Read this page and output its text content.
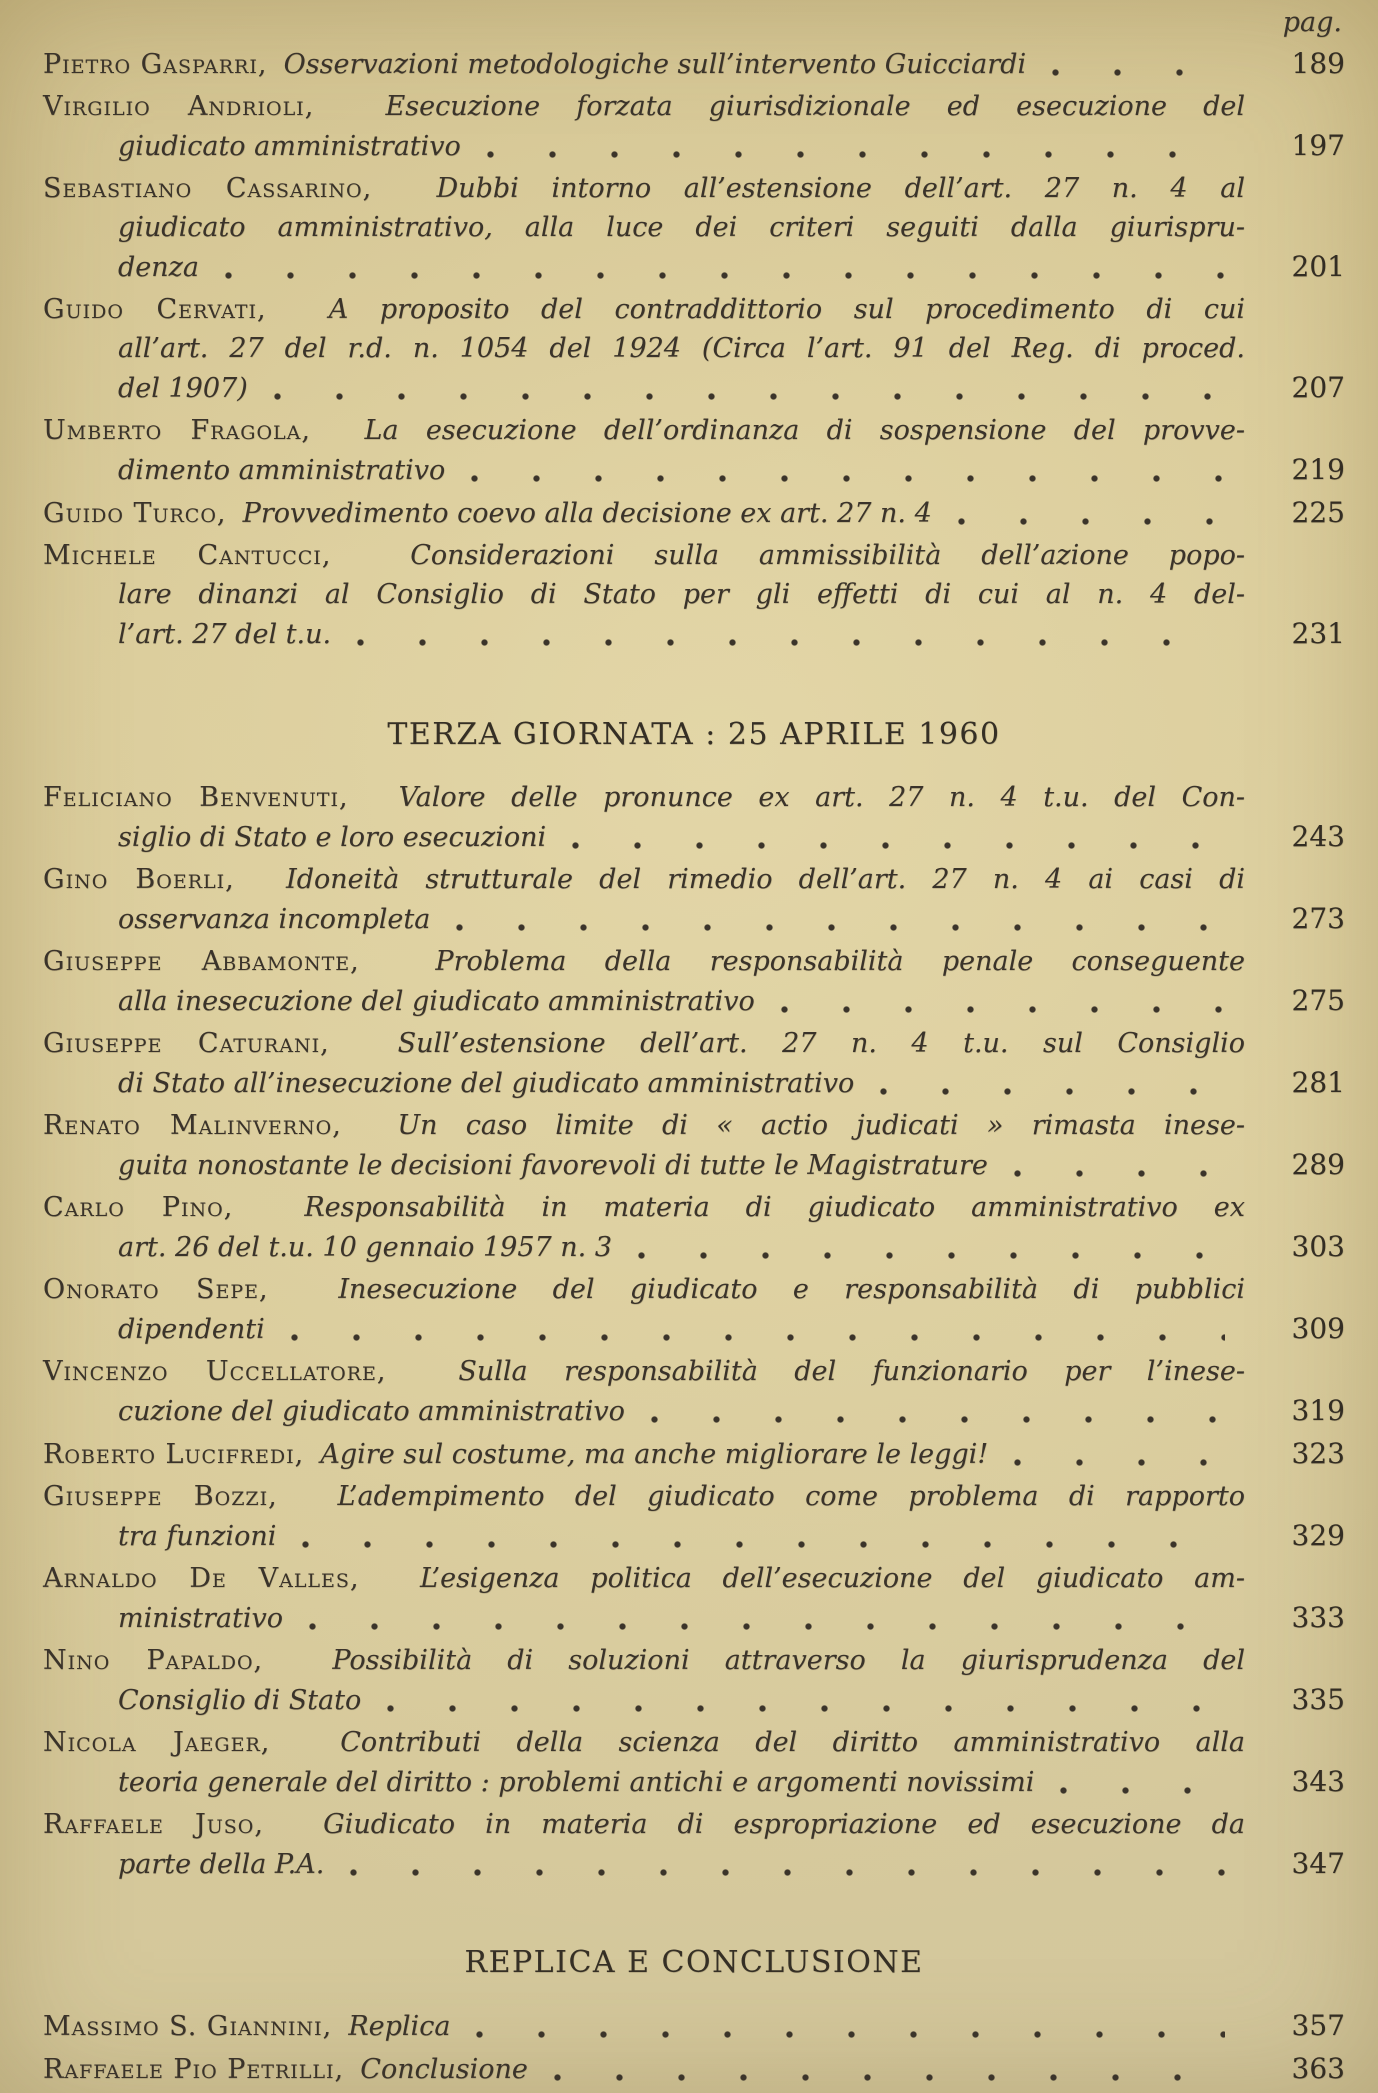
pag.
Pietro Gasparri , Osservazioni metodologiche sull’intervento Guicciardi	189
Virgilio Andrioli,  Esecuzione forzata giurisdizionale ed esecuzione del
giudicato amministrativo	197
Sebastiano Cassarino,  Dubbi intorno all’estensione dell’art. 27 n. 4 al
giudicato amministrativo, alla luce dei criteri seguiti dalla giurispru-
denza	201
Guido Cervati,  A proposito del contraddittorio sul procedimento di cui
all’art. 27 del r.d. n. 1054 del 1924 (Circa l’art. 91 del Reg. di proced.
del 1907)	207
Umberto Fragola,  La esecuzione dell’ordinanza di sospensione del provve-
dimento amministrativo	219
Guido Turco , Provvedimento coevo alla decisione ex art. 27 n. 4	225
Michele Cantucci,  Considerazioni sulla ammissibilità dell’azione popo-
lare dinanzi al Consiglio di Stato per gli effetti di cui al n. 4 del-
l’art. 27 del t.u.	231
TERZA GIORNATA : 25 APRILE 1960
Feliciano Benvenuti,  Valore delle pronunce ex art. 27 n. 4 t.u. del Con-
siglio di Stato e loro esecuzioni	243
Gino Boerli,  Idoneità strutturale del rimedio dell’art. 27 n. 4 ai casi di
osservanza incompleta	273
Giuseppe Abbamonte,  Problema della responsabilità penale conseguente
alla inesecuzione del giudicato amministrativo	275
Giuseppe Caturani,  Sull’estensione dell’art. 27 n. 4 t.u. sul Consiglio
di Stato all’inesecuzione del giudicato amministrativo	281
Renato Malinverno,  Un caso limite di « actio judicati » rimasta inese-
guita nonostante le decisioni favorevoli di tutte le Magistrature	289
Carlo Pino,  Responsabilità in materia di giudicato amministrativo ex
art. 26 del t.u. 10 gennaio 1957 n. 3	303
Onorato Sepe,  Inesecuzione del giudicato e responsabilità di pubblici
dipendenti	309
Vincenzo Uccellatore,  Sulla responsabilità del funzionario per l’inese-
cuzione del giudicato amministrativo	319
Roberto Lucifredi , Agire sul costume, ma anche migliorare le leggi!	323
Giuseppe Bozzi,  L’adempimento del giudicato come problema di rapporto
tra funzioni	329
Arnaldo De Valles,  L’esigenza politica dell’esecuzione del giudicato am-
ministrativo	333
Nino Papaldo,  Possibilità di soluzioni attraverso la giurisprudenza del
Consiglio di Stato	335
Nicola Jaeger,  Contributi della scienza del diritto amministrativo alla
teoria generale del diritto : problemi antichi e argomenti novissimi	343
Raffaele Juso,  Giudicato in materia di espropriazione ed esecuzione da
parte della P.A.	347
REPLICA E CONCLUSIONE
Massimo S. Giannini , Replica	357
Raffaele Pio Petrilli , Conclusione	363
